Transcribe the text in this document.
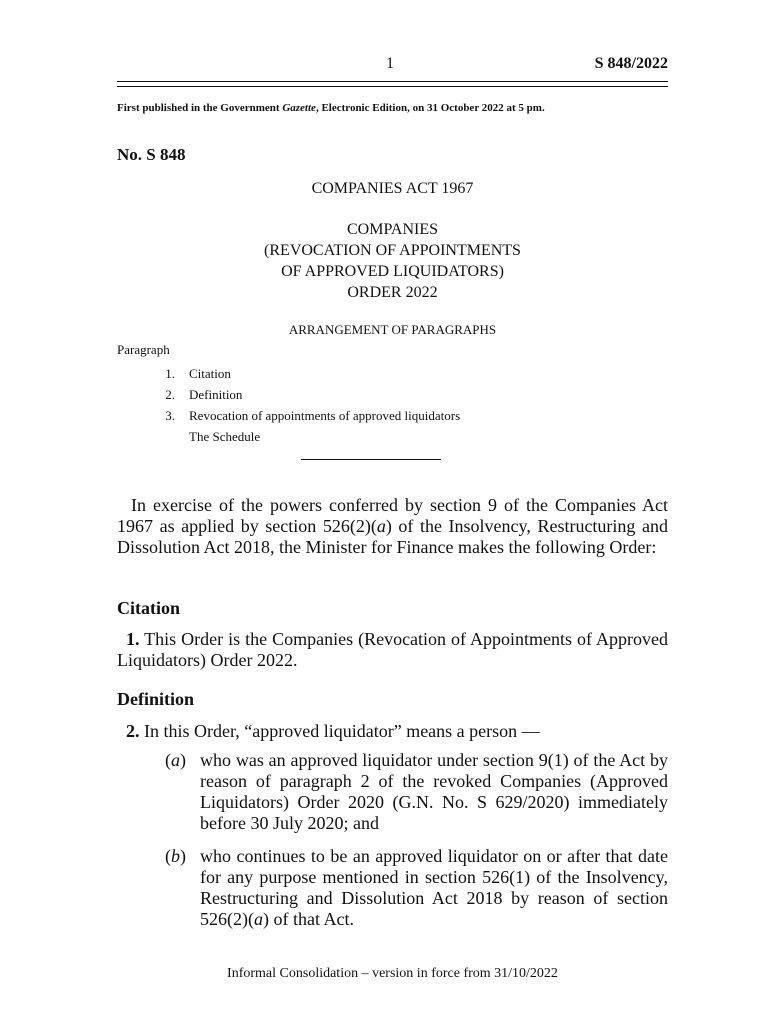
1	S 848/2022
First published in the Government Gazette, Electronic Edition, on 31 October 2022 at 5 pm.
No. S 848
COMPANIES ACT 1967
COMPANIES
(REVOCATION OF APPOINTMENTS
OF APPROVED LIQUIDATORS)
ORDER 2022
ARRANGEMENT OF PARAGRAPHS
Paragraph
1.	Citation
2.	Definition
3.	Revocation of appointments of approved liquidators
The Schedule
In exercise of the powers conferred by section 9 of the Companies Act 1967 as applied by section 526(2)(a) of the Insolvency, Restructuring and Dissolution Act 2018, the Minister for Finance makes the following Order:
Citation
1. This Order is the Companies (Revocation of Appointments of Approved Liquidators) Order 2022.
Definition
2. In this Order, “approved liquidator” means a person —
(a) who was an approved liquidator under section 9(1) of the Act by reason of paragraph 2 of the revoked Companies (Approved Liquidators) Order 2020 (G.N. No. S 629/2020) immediately before 30 July 2020; and
(b) who continues to be an approved liquidator on or after that date for any purpose mentioned in section 526(1) of the Insolvency, Restructuring and Dissolution Act 2018 by reason of section 526(2)(a) of that Act.
Informal Consolidation – version in force from 31/10/2022
